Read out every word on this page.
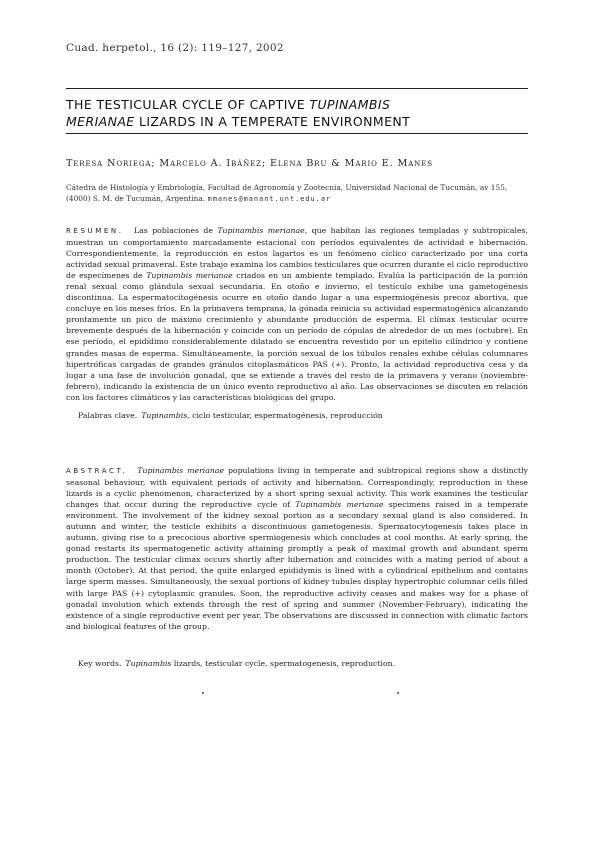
Cuad. herpetol., 16 (2): 119–127, 2002
THE TESTICULAR CYCLE OF CAPTIVE TUPINAMBIS
MERIANAE LIZARDS IN A TEMPERATE ENVIRONMENT
Teresa Noriega; Marcelo A. Ibáñez; Elena Bru & Mario E. Manes
Cátedra de Histología y Embriología, Facultad de Agronomía y Zootecnia, Universidad Nacional de Tucumán, av 155, (4000) S. M. de Tucumán, Argentina. mmanes@manant.unt.edu.ar

RESUMEN. Las poblaciones de Tupinambis merianae, que habitan las regiones templadas y subtropicales, muestran un comportamiento marcadamente estacional con períodos equivalentes de actividad e hibernación. Correspondientemente, la reproducción en estos lagartos es un fenómeno cíclico caracterizado por una corta actividad sexual primaveral. Este trabajo examina los cambios testiculares que ocurren durante el ciclo reproductivo de especímenes de Tupinambis merianae criados en un ambiente templado. Evalúa la participación de la porción renal sexual como glándula sexual secundaria. En otoño e invierno, el testículo exhibe una gametogénesis discontinua. La espermatocitogénesis ocurre en otoño dando lugar a una espermiogénesis precoz abortiva, que concluye en los meses fríos. En la primavera temprana, la gónada reinicia su actividad espermatogénica alcanzando prontamente un pico de máximo crecimiento y abundante producción de esperma. El clímax testicular ocurre brevemente después de la hibernación y coincide con un período de cópulas de alrededor de un mes (octubre). En ese período, el epidídimo considerablemente dilatado se encuentra revestido por un epitelio cilíndrico y contiene grandes masas de esperma. Simultáneamente, la porción sexual de los túbulos renales exhibe células columnares hipertróficas cargadas de grandes gránulos citoplasmáticos PAS (+). Pronto, la actividad reproductiva cesa y da lugar a una fase de involución gonadal, que se extiende a través del resto de la primavera y verano (noviembre-febrero), indicando la existencia de un único evento reproductivo al año. Las observaciones se discuten en relación con los factores climáticos y las características biológicas del grupo.

Palabras clave. Tupinambis, ciclo testicular, espermatogénesis, reproducción

ABSTRACT. Tupinambis merianae populations living in temperate and subtropical regions show a distinctly seasonal behaviour, with equivalent periods of activity and hibernation. Correspondingly, reproduction in these lizards is a cyclic phenomenon, characterized by a short spring sexual activity. This work examines the testicular changes that occur during the reproductive cycle of Tupinambis merianae specimens raised in a temperate environment. The involvement of the kidney sexual portion as a secondary sexual gland is also considered. In autumn and winter, the testicle exhibits a discontinuous gametogenesis. Spermatocytogenesis takes place in autumn, giving rise to a precocious abortive spermiogenesis which concludes at cool months. At early spring, the gonad restarts its spermatogenetic activity attaining promptly a peak of maximal growth and abundant sperm production. The testicular climax occurs shortly after hibernation and coincides with a mating period of about a month (October). At that period, the quite enlarged epididymis is lined with a cylindrical epithelium and contains large sperm masses. Simultaneously, the sexual portions of kidney tubules display hypertrophic columnar cells filled with large PAS (+) cytoplasmic granules. Soon, the reproductive activity ceases and makes way for a phase of gonadal involution which extends through the rest of spring and summer (November-February), indicating the existence of a single reproductive event per year. The observations are discussed in connection with climatic factors and biological features of the group.

Key words. Tupinambis lizards, testicular cycle, spermatogenesis, reproduction.
